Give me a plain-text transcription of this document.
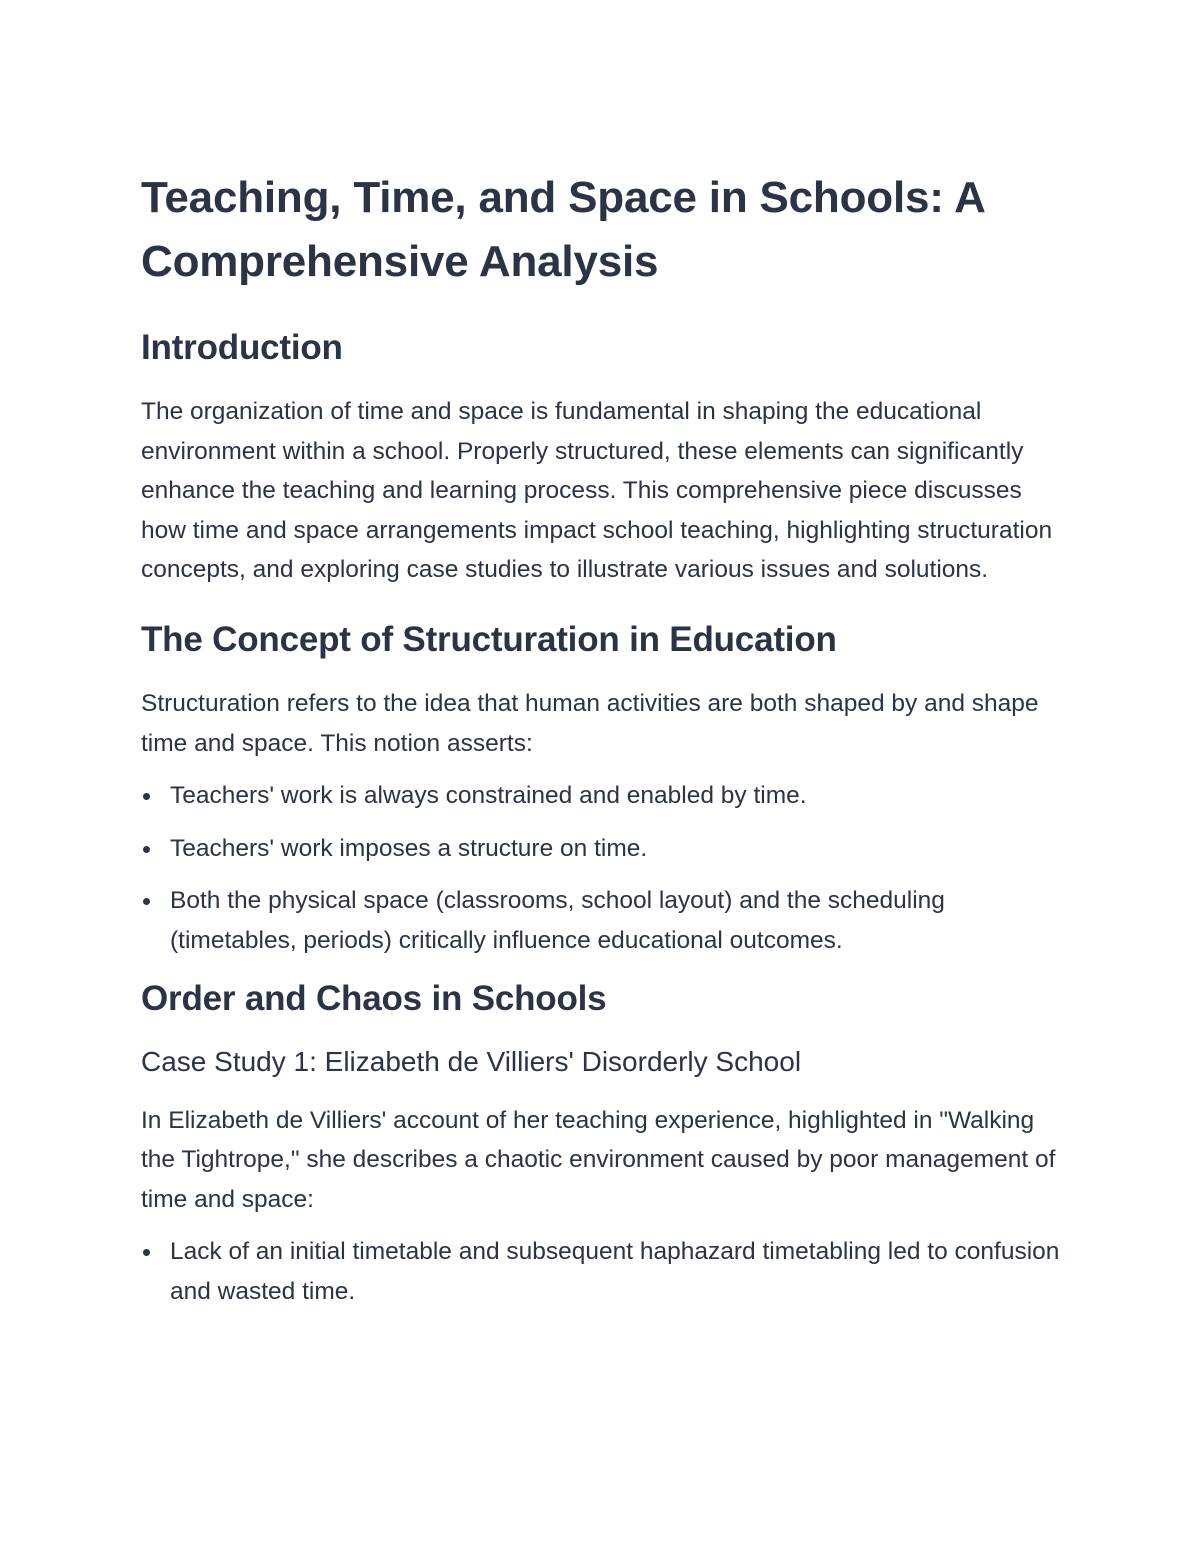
Teaching, Time, and Space in Schools: A Comprehensive Analysis
Introduction

The organization of time and space is fundamental in shaping the educational environment within a school. Properly structured, these elements can significantly enhance the teaching and learning process. This comprehensive piece discusses how time and space arrangements impact school teaching, highlighting structuration concepts, and exploring case studies to illustrate various issues and solutions.

The Concept of Structuration in Education

Structuration refers to the idea that human activities are both shaped by and shape time and space. This notion asserts:

Teachers' work is always constrained and enabled by time.
Teachers' work imposes a structure on time.
Both the physical space (classrooms, school layout) and the scheduling (timetables, periods) critically influence educational outcomes.
Order and Chaos in Schools
Case Study 1: Elizabeth de Villiers' Disorderly School

In Elizabeth de Villiers' account of her teaching experience, highlighted in "Walking the Tightrope," she describes a chaotic environment caused by poor management of time and space:

Lack of an initial timetable and subsequent haphazard timetabling led to confusion and wasted time.
